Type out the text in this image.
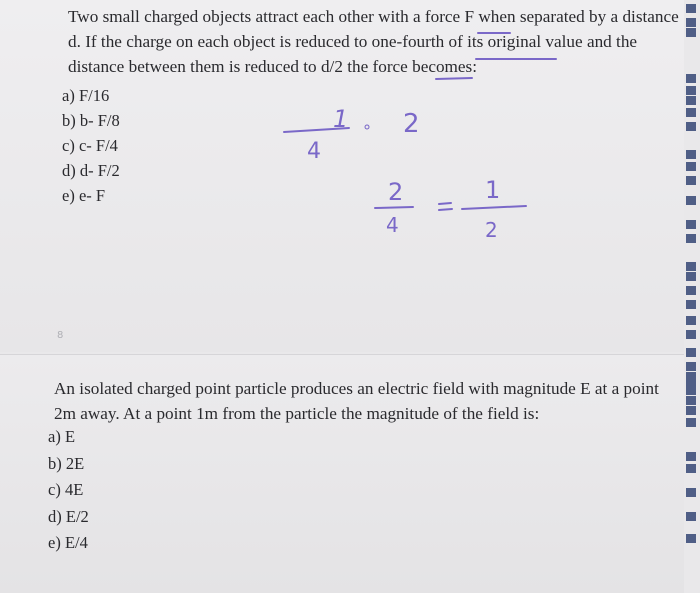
Two small charged objects attract each other with a force F when separated by a distance d. If the charge on each object is reduced to one-fourth of its original value and the distance between them is reduced to d/2 the force becomes:

a) F/16
b) b- F/8
c) c- F/4
d) d- F/2
e) e- F
1
4
∘ 2
2
4
1
2
8

An isolated charged point particle produces an electric field with magnitude E at a point 2m away. At a point 1m from the particle the magnitude of the field is:

a) E
b) 2E
c) 4E
d) E/2
e) E/4
